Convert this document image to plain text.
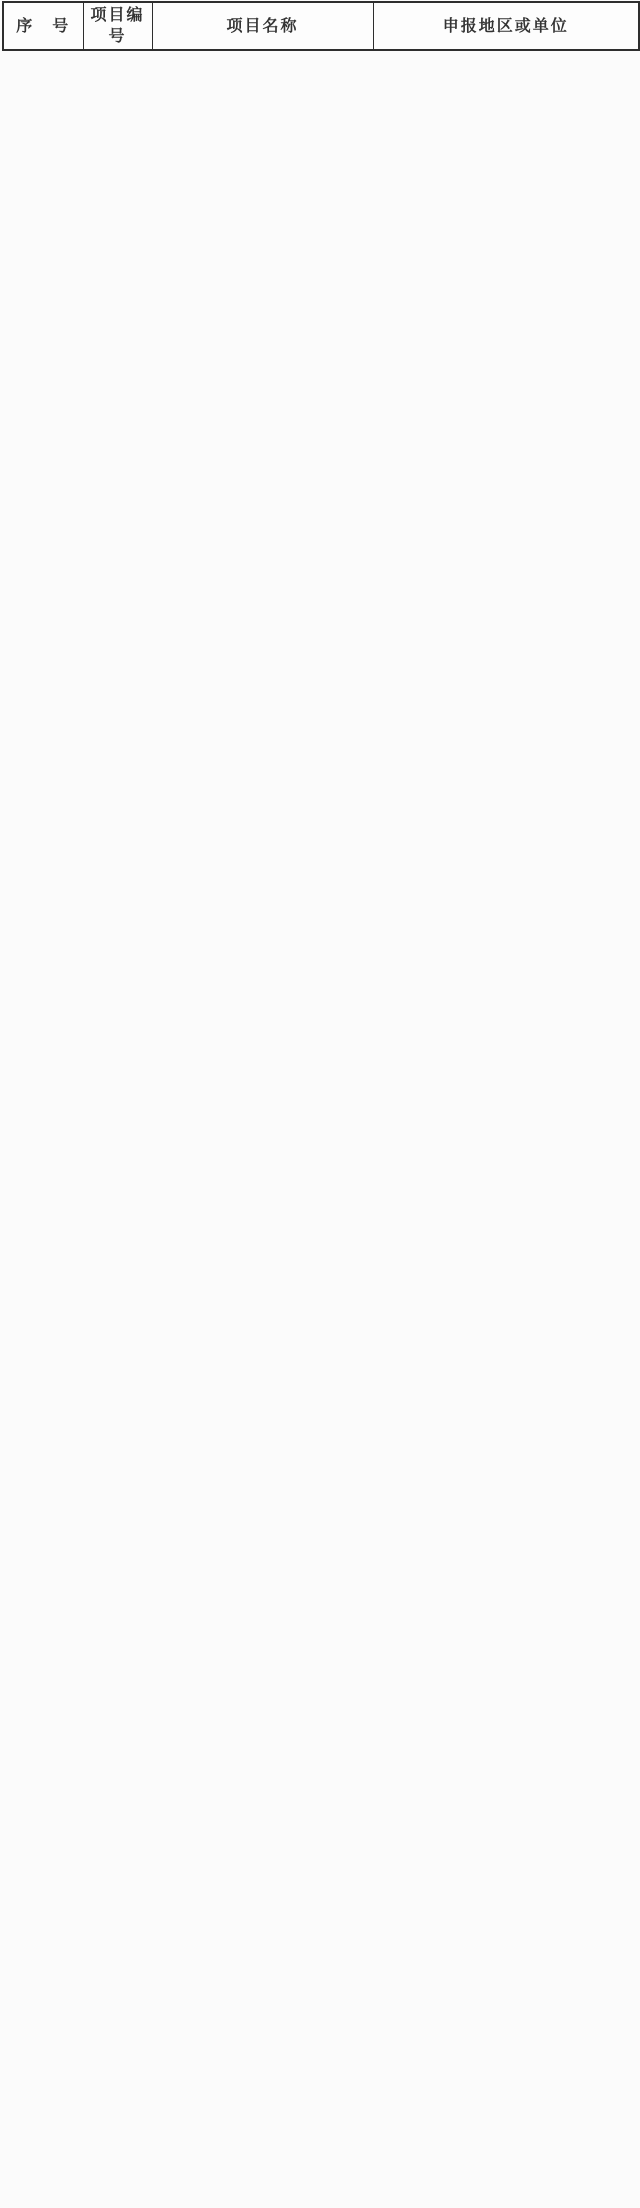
序　号	项目编号	项目名称	申报地区或单位
